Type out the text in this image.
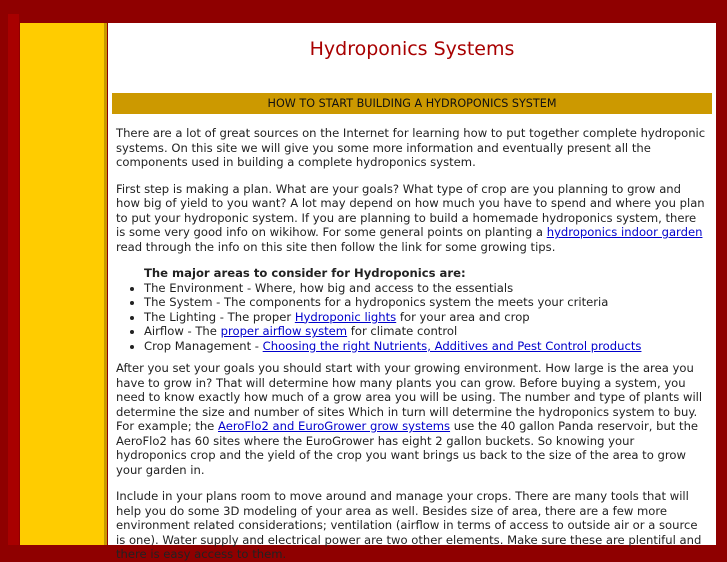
Hydroponics Systems
HOW TO START BUILDING A HYDROPONICS SYSTEM

There are a lot of great sources on the Internet for learning how to put together complete hydroponic systems. On this site we will give you some more information and eventually present all the components used in building a complete hydroponics system.

First step is making a plan. What are your goals? What type of crop are you planning to grow and how big of yield to you want? A lot may depend on how much you have to spend and where you plan to put your hydroponic system. If you are planning to build a homemade hydroponics system, there is some very good info on wikihow. For some general points on planting a hydroponics indoor garden read through the info on this site then follow the link for some growing tips.

The major areas to consider for Hydroponics are:
• The Environment - Where, how big and access to the essentials
• The System - The components for a hydroponics system the meets your criteria
• The Lighting - The proper Hydroponic lights for your area and crop
• Airflow - The proper airflow system for climate control
• Crop Management - Choosing the right Nutrients, Additives and Pest Control products

After you set your goals you should start with your growing environment. How large is the area you have to grow in? That will determine how many plants you can grow. Before buying a system, you need to know exactly how much of a grow area you will be using. The number and type of plants will determine the size and number of sites Which in turn will determine the hydroponics system to buy. For example; the AeroFlo2 and EuroGrower grow systems use the 40 gallon Panda reservoir, but the AeroFlo2 has 60 sites where the EuroGrower has eight 2 gallon buckets. So knowing your hydroponics crop and the yield of the crop you want brings us back to the size of the area to grow your garden in.

Include in your plans room to move around and manage your crops. There are many tools that will help you do some 3D modeling of your area as well. Besides size of area, there are a few more environment related considerations; ventilation (airflow in terms of access to outside air or a source is one). Water supply and electrical power are two other elements. Make sure these are plentiful and there is easy access to them.
